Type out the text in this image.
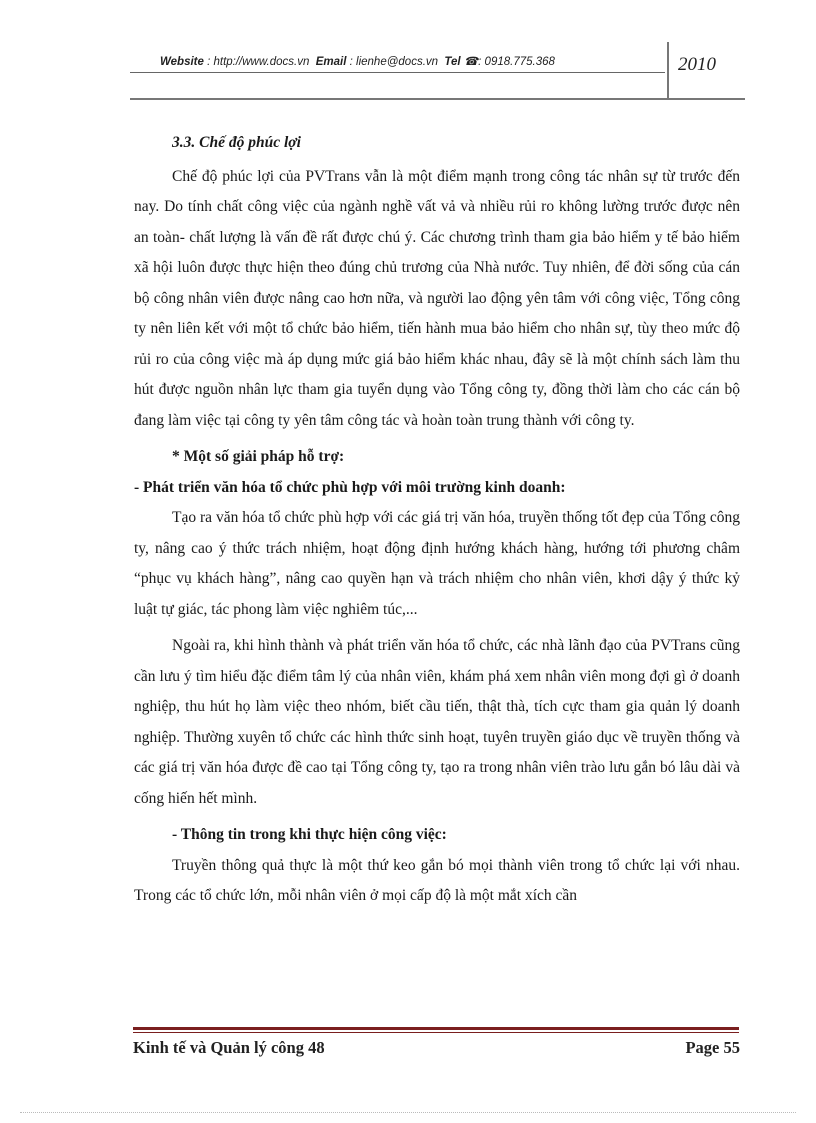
Website : http://www.docs.vn Email : lienhe@docs.vn Tel ☎: 0918.775.368	2010

3.3. Chế độ phúc lợi

Chế độ phúc lợi của PVTrans vẫn là một điểm mạnh trong công tác nhân sự từ trước đến nay. Do tính chất công việc của ngành nghề vất vả và nhiều rủi ro không lường trước được nên an toàn- chất lượng là vấn đề rất được chú ý. Các chương trình tham gia bảo hiểm y tế bảo hiểm xã hội luôn được thực hiện theo đúng chủ trương của Nhà nước. Tuy nhiên, để đời sống của cán bộ công nhân viên được nâng cao hơn nữa, và người lao động yên tâm với công việc, Tổng công ty nên liên kết với một tổ chức bảo hiểm, tiến hành mua bảo hiểm cho nhân sự, tùy theo mức độ rủi ro của công việc mà áp dụng mức giá bảo hiểm khác nhau, đây sẽ là một chính sách làm thu hút được nguồn nhân lực tham gia tuyển dụng vào Tổng công ty, đồng thời làm cho các cán bộ đang làm việc tại công ty yên tâm công tác và hoàn toàn trung thành với công ty.

* Một số giải pháp hỗ trợ:

- Phát triển văn hóa tổ chức phù hợp với môi trường kinh doanh:

Tạo ra văn hóa tổ chức phù hợp với các giá trị văn hóa, truyền thống tốt đẹp của Tổng công ty, nâng cao ý thức trách nhiệm, hoạt động định hướng khách hàng, hướng tới phương châm “phục vụ khách hàng”, nâng cao quyền hạn và trách nhiệm cho nhân viên, khơi dậy ý thức kỷ luật tự giác, tác phong làm việc nghiêm túc,...

Ngoài ra, khi hình thành và phát triển văn hóa tổ chức, các nhà lãnh đạo của PVTrans cũng cần lưu ý tìm hiểu đặc điểm tâm lý của nhân viên, khám phá xem nhân viên mong đợi gì ở doanh nghiệp, thu hút họ làm việc theo nhóm, biết cầu tiến, thật thà, tích cực tham gia quản lý doanh nghiệp. Thường xuyên tổ chức các hình thức sinh hoạt, tuyên truyền giáo dục về truyền thống và các giá trị văn hóa được đề cao tại Tổng công ty, tạo ra trong nhân viên trào lưu gắn bó lâu dài và cống hiến hết mình.

- Thông tin trong khi thực hiện công việc:

Truyền thông quả thực là một thứ keo gắn bó mọi thành viên trong tổ chức lại với nhau. Trong các tổ chức lớn, mỗi nhân viên ở mọi cấp độ là một mắt xích cần

Kinh tế và Quản lý công 48	Page 55
